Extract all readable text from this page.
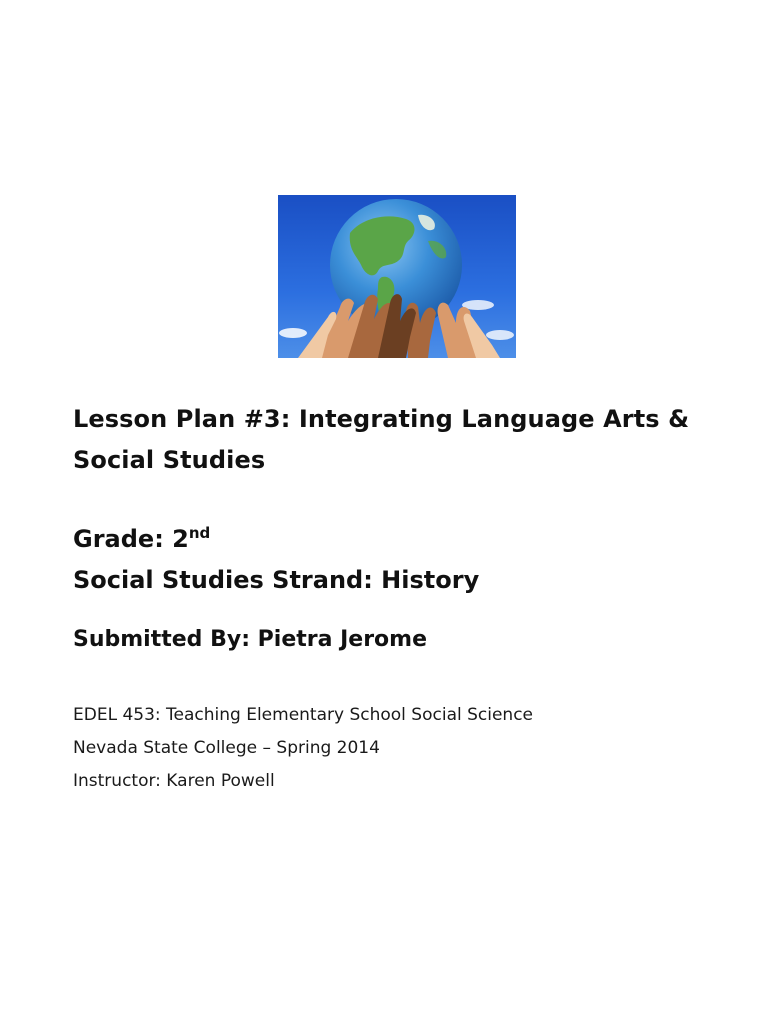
Lesson Plan #3: Integrating Language Arts &
Social Studies

Grade: 2nd

Social Studies Strand: History

Submitted By: Pietra Jerome

EDEL 453: Teaching Elementary School Social Science
Nevada State College – Spring 2014
Instructor: Karen Powell
